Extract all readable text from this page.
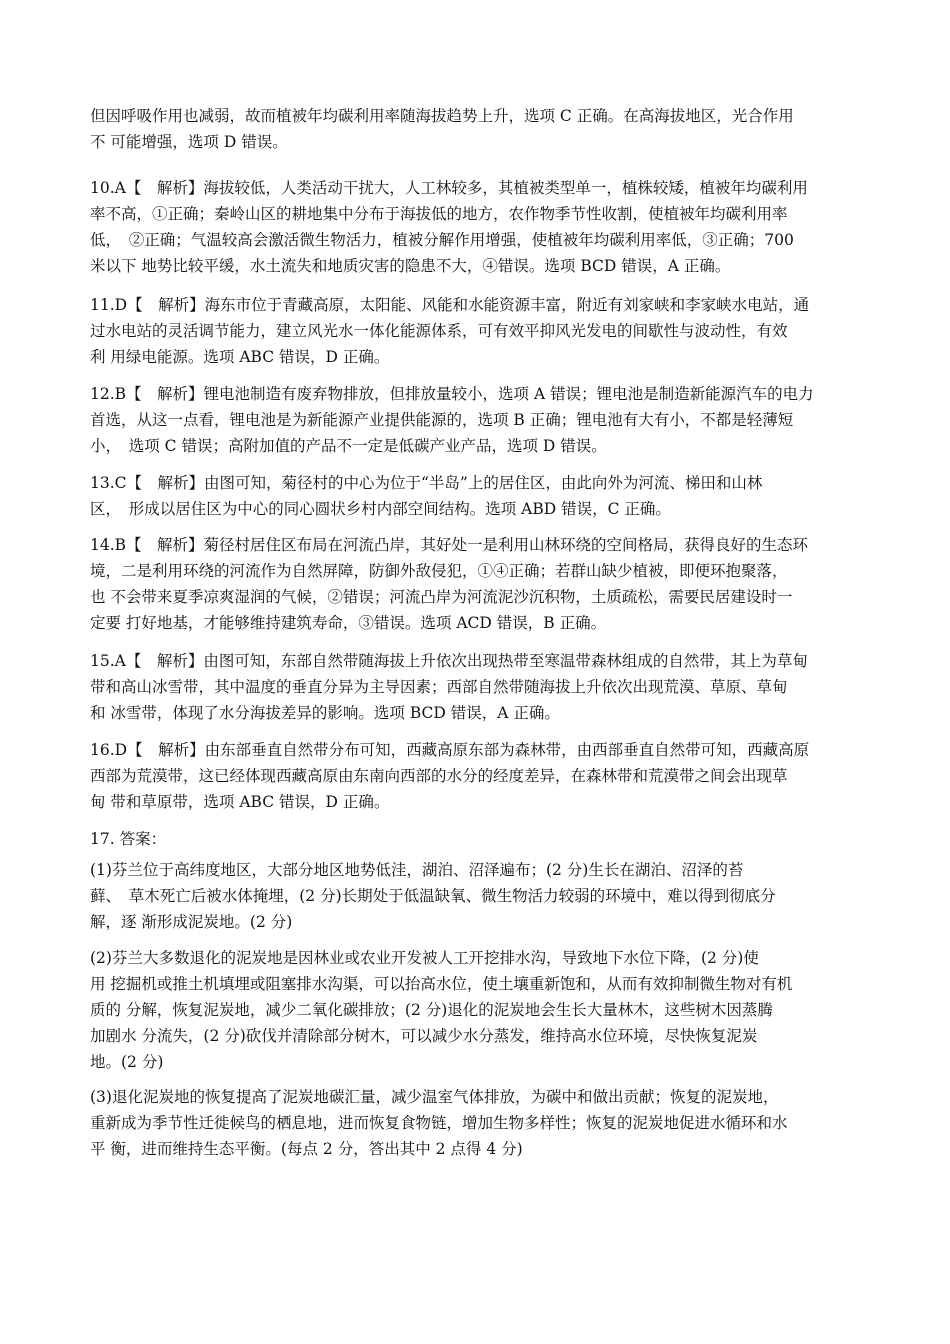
但因呼吸作用也减弱，故而植被年均碳利用率随海拔趋势上升，选项 C 正确。在高海拔地区，光合作用
不 可能增强，选项 D 错误。
10.A【　解析】海拔较低，人类活动干扰大，人工林较多，其植被类型单一，植株较矮，植被年均碳利用
率不高，①正确；秦岭山区的耕地集中分布于海拔低的地方，农作物季节性收割，使植被年均碳利用率
低，　②正确；气温较高会激活微生物活力，植被分解作用增强，使植被年均碳利用率低，③正确；700
米以下 地势比较平缓，水土流失和地质灾害的隐患不大，④错误。选项 BCD 错误，A 正确。
11.D【　解析】海东市位于青藏高原，太阳能、风能和水能资源丰富，附近有刘家峡和李家峡水电站，通
过水电站的灵活调节能力，建立风光水一体化能源体系，可有效平抑风光发电的间歇性与波动性，有效
利 用绿电能源。选项 ABC 错误，D 正确。
12.B【　解析】锂电池制造有废弃物排放，但排放量较小，选项 A 错误；锂电池是制造新能源汽车的电力
首选，从这一点看，锂电池是为新能源产业提供能源的，选项 B 正确；锂电池有大有小，不都是轻薄短
小，　选项 C 错误；高附加值的产品不一定是低碳产业产品，选项 D 错误。
13.C【　解析】由图可知，菊径村的中心为位于“半岛”上的居住区，由此向外为河流、梯田和山林
区，　形成以居住区为中心的同心圆状乡村内部空间结构。选项 ABD 错误，C 正确。
14.B【　解析】菊径村居住区布局在河流凸岸，其好处一是利用山林环绕的空间格局，获得良好的生态环
境，二是利用环绕的河流作为自然屏障，防御外敌侵犯，①④正确；若群山缺少植被，即便环抱聚落，
也 不会带来夏季凉爽湿润的气候，②错误；河流凸岸为河流泥沙沉积物，土质疏松，需要民居建设时一
定要 打好地基，才能够维持建筑寿命，③错误。选项 ACD 错误，B 正确。
15.A【　解析】由图可知，东部自然带随海拔上升依次出现热带至寒温带森林组成的自然带，其上为草甸
带和高山冰雪带，其中温度的垂直分异为主导因素；西部自然带随海拔上升依次出现荒漠、草原、草甸
和 冰雪带，体现了水分海拔差异的影响。选项 BCD 错误，A 正确。
16.D【　解析】由东部垂直自然带分布可知，西藏高原东部为森林带，由西部垂直自然带可知，西藏高原
西部为荒漠带，这已经体现西藏高原由东南向西部的水分的经度差异，在森林带和荒漠带之间会出现草
甸 带和草原带，选项 ABC 错误，D 正确。
17. 答案：
(1)芬兰位于高纬度地区，大部分地区地势低洼，湖泊、沼泽遍布；(2 分)生长在湖泊、沼泽的苔
藓、　草木死亡后被水体掩埋，(2 分)长期处于低温缺氧、微生物活力较弱的环境中，难以得到彻底分
解，逐 渐形成泥炭地。(2 分)
(2)芬兰大多数退化的泥炭地是因林业或农业开发被人工开挖排水沟，导致地下水位下降，(2 分)使
用 挖掘机或推土机填埋或阻塞排水沟渠，可以抬高水位，使土壤重新饱和，从而有效抑制微生物对有机
质的 分解，恢复泥炭地，减少二氧化碳排放；(2 分)退化的泥炭地会生长大量林木，这些树木因蒸腾
加剧水 分流失，(2 分)砍伐并清除部分树木，可以减少水分蒸发，维持高水位环境，尽快恢复泥炭
地。(2 分)
(3)退化泥炭地的恢复提高了泥炭地碳汇量，减少温室气体排放，为碳中和做出贡献；恢复的泥炭地，
重新成为季节性迁徙候鸟的栖息地，进而恢复食物链，增加生物多样性；恢复的泥炭地促进水循环和水
平 衡，进而维持生态平衡。(每点 2 分，答出其中 2 点得 4 分)
